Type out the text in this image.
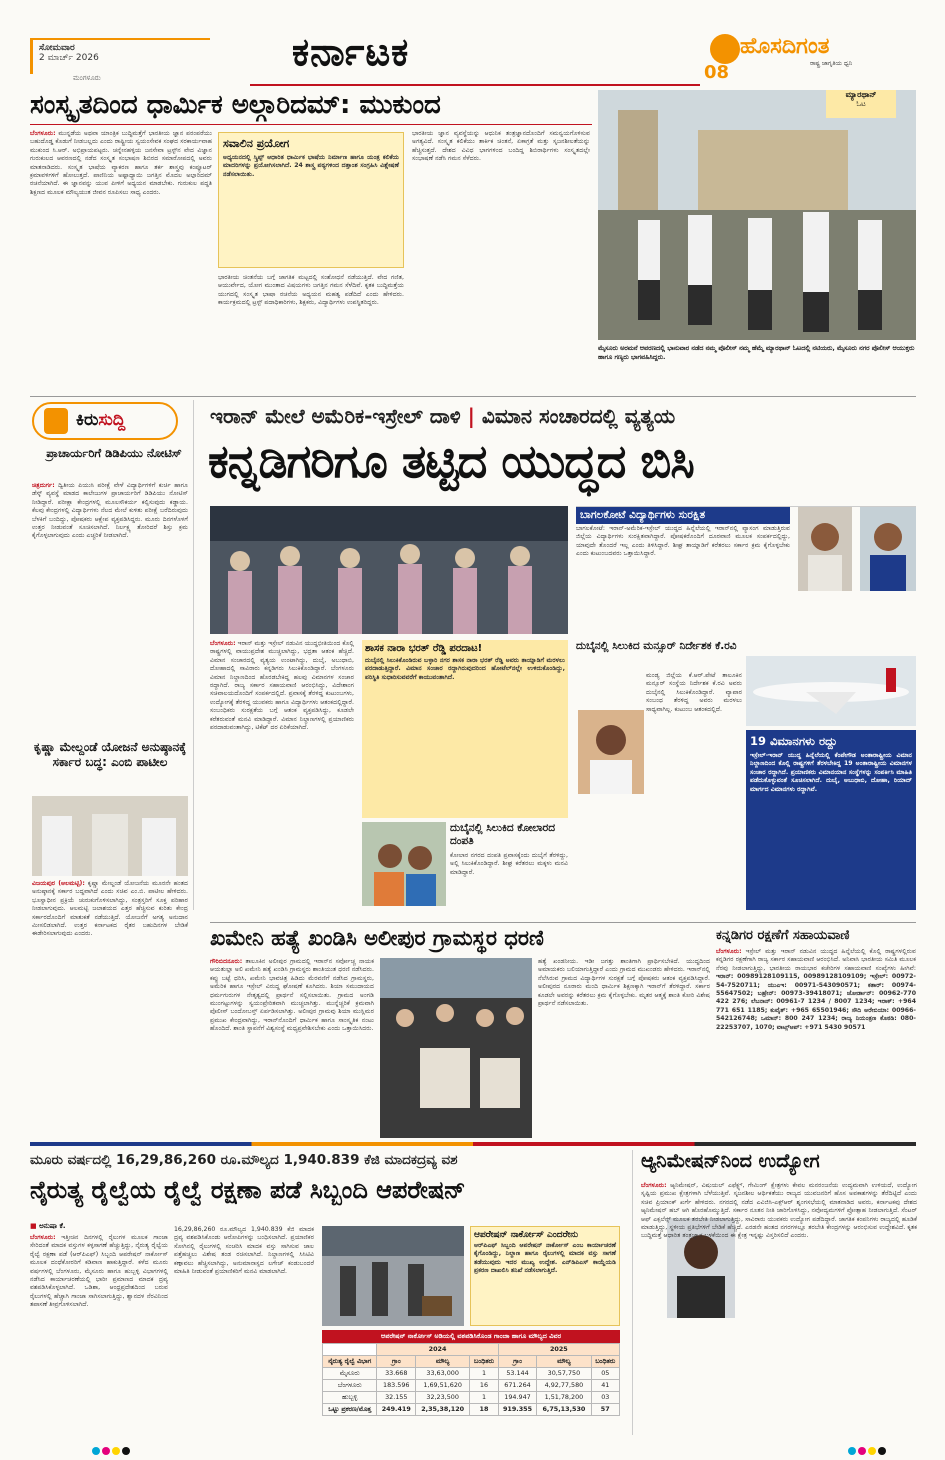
ಸೋಮವಾರ
2 ಮಾರ್ಚ್ 2026
ಮಂಗಳೂರು
ಕರ್ನಾಟಕ	ಹೊಸದಿಗಂತ
ರಾಷ್ಟ್ರ ಜಾಗೃತಿಯ ಧ್ವನಿ
08
ಸಂಸ್ಕೃತದಿಂದ ಧಾರ್ಮಿಕ ಅಲ್ಗಾರಿದಮ್: ಮುಕುಂದ
ಬೆಂಗಳೂರು: ಮುನ್ನಡೆಯ ಅಥವಾ ಯಾಂತ್ರಿಕ ಬುದ್ಧಿಮತ್ತೆಗೆ ಭಾರತೀಯ ಜ್ಞಾನ ಪರಂಪರೆಯು ಬಹುದೊಡ್ಡ ಕೊಡುಗೆ ನೀಡಬಲ್ಲದು ಎಂದು ರಾಷ್ಟ್ರೀಯ ಸ್ವಯಂಸೇವಕ ಸಂಘದ ಸರಕಾರ್ಯವಾಹ ಮುಕುಂದ ಸಿ.ಆರ್. ಅಭಿಪ್ರಾಯಪಟ್ಟರು. ಚನ್ನೇನಹಳ್ಳಿಯ ಜನಸೇವಾ ಟ್ರಸ್ಟ್‌ನ ವೇದ ವಿಜ್ಞಾನ ಗುರುಕುಲದ ಆವರಣದಲ್ಲಿ ನಡೆದ ಸಂಸ್ಕೃತ ಸಂಭಾಷಣ ಶಿಬಿರದ ಸಮಾರೋಪದಲ್ಲಿ ಅವರು ಮಾತನಾಡಿದರು. ಸಂಸ್ಕೃತ ಭಾಷೆಯ ವ್ಯಾಕರಣ ಹಾಗೂ ತರ್ಕ ಶಾಸ್ತ್ರವು ಕಂಪ್ಯೂಟರ್ ಕ್ರಮಾವಳಿಗಳಿಗೆ ಹೋಲುತ್ತದೆ. ಪಾಣಿನಿಯ ಅಷ್ಟಾಧ್ಯಾಯಿ ಜಗತ್ತಿನ ಮೊದಲ ಅಲ್ಗಾರಿದಮ್ ರಚನೆಯಾಗಿದೆ. ಈ ಜ್ಞಾನವನ್ನು ಯುವ ಪೀಳಿಗೆ ಅಧ್ಯಯನ ಮಾಡಬೇಕು. ಗುರುಕುಲ ಪದ್ಧತಿ ಶಿಕ್ಷಣದ ಮೂಲಕ ಮೌಲ್ಯಯುತ ಜೀವನ ರೂಪಿಸಲು ಸಾಧ್ಯ ಎಂದರು.
ಸವಾಲಿನ ಪ್ರಯೋಗ
ಅಧ್ಯಯನದಲ್ಲಿ ಸ್ಕ್ರಿಪ್ಟ್ ಆಧಾರಿತ ಧಾರ್ಮಿಕ ಭಾಷೆಯ ನಿರ್ಮಾಣ ಹಾಗೂ ಯಂತ್ರ ಕಲಿಕೆಯ ಮಾದರಿಗಳನ್ನು ಪ್ರಯೋಗಿಸಲಾಗಿದೆ. 24 ಶಾಸ್ತ್ರ ಪಠ್ಯಗಳಿಂದ ದತ್ತಾಂಶ ಸಂಗ್ರಹಿಸಿ ವಿಶ್ಲೇಷಣೆ ನಡೆಸಲಾಯಿತು.
ಭಾರತೀಯ ಚಿಂತನೆಯ ಬಗ್ಗೆ ಜಾಗತಿಕ ಮಟ್ಟದಲ್ಲಿ ಸಂಶೋಧನೆ ನಡೆಯುತ್ತಿದೆ. ವೇದ ಗಣಿತ, ಆಯುರ್ವೇದ, ಯೋಗ ಮುಂತಾದ ವಿಷಯಗಳು ಜಗತ್ತಿನ ಗಮನ ಸೆಳೆದಿವೆ. ಕೃತಕ ಬುದ್ಧಿಮತ್ತೆಯ ಯುಗದಲ್ಲಿ ಸಂಸ್ಕೃತ ಭಾಷಾ ರಚನೆಯ ಅಧ್ಯಯನ ಮಹತ್ವ ಪಡೆದಿದೆ ಎಂದು ಹೇಳಿದರು. ಕಾರ್ಯಕ್ರಮದಲ್ಲಿ ಟ್ರಸ್ಟ್ ಪದಾಧಿಕಾರಿಗಳು, ಶಿಕ್ಷಕರು, ವಿದ್ಯಾರ್ಥಿಗಳು ಉಪಸ್ಥಿತರಿದ್ದರು.
ಭಾರತೀಯ ಜ್ಞಾನ ವ್ಯವಸ್ಥೆಯನ್ನು ಆಧುನಿಕ ತಂತ್ರಜ್ಞಾನದೊಂದಿಗೆ ಸಮನ್ವಯಗೊಳಿಸುವ ಅಗತ್ಯವಿದೆ. ಸಂಸ್ಕೃತ ಕಲಿಕೆಯು ತಾರ್ಕಿಕ ಚಿಂತನೆ, ಏಕಾಗ್ರತೆ ಮತ್ತು ಸೃಜನಶೀಲತೆಯನ್ನು ಹೆಚ್ಚಿಸುತ್ತದೆ. ದೇಶದ ವಿವಿಧ ಭಾಗಗಳಿಂದ ಬಂದಿದ್ದ ಶಿಬಿರಾರ್ಥಿಗಳು ಸಂಸ್ಕೃತದಲ್ಲೇ ಸಂಭಾಷಣೆ ನಡೆಸಿ ಗಮನ ಸೆಳೆದರು.
ಮ್ಯಾರಥಾನ್
ಓಟ
ಮೈಸೂರು ಅರಮನೆ ಆವರಣದಲ್ಲಿ ಭಾನುವಾರ ನಡೆದ ನಮ್ಮ ಪೊಲೀಸ್ ನಮ್ಮ ಹೆಮ್ಮೆ ಮ್ಯಾರಥಾನ್ ಓಟದಲ್ಲಿ ನಟಿಯರು, ಮೈಸೂರು ನಗರ ಪೊಲೀಸ್ ಆಯುಕ್ತರು ಹಾಗೂ ಗಣ್ಯರು ಭಾಗವಹಿಸಿದ್ದರು.
ಕಿರುಸುದ್ದಿ
ಪ್ರಾಚಾರ್ಯರಿಗೆ ಡಿಡಿಪಿಯು ನೋಟಿಸ್
ಚಿತ್ರದುರ್ಗ: ದ್ವಿತೀಯ ಪಿಯುಸಿ ಪರೀಕ್ಷೆ ವೇಳೆ ವಿದ್ಯಾರ್ಥಿಗಳಿಗೆ ಕುರ್ಚಿ ಹಾಗೂ ಡೆಸ್ಕ್ ವ್ಯವಸ್ಥೆ ಮಾಡದ ಕಾಲೇಜುಗಳ ಪ್ರಾಚಾರ್ಯರಿಗೆ ಡಿಡಿಪಿಯು ನೋಟಿಸ್ ನೀಡಿದ್ದಾರೆ. ಪರೀಕ್ಷಾ ಕೇಂದ್ರಗಳಲ್ಲಿ ಮೂಲಸೌಕರ್ಯ ಕಲ್ಪಿಸುವುದು ಕಡ್ಡಾಯ. ಕೆಲವು ಕೇಂದ್ರಗಳಲ್ಲಿ ವಿದ್ಯಾರ್ಥಿಗಳು ನೆಲದ ಮೇಲೆ ಕುಳಿತು ಪರೀಕ್ಷೆ ಬರೆದಿರುವುದು ಬೆಳಕಿಗೆ ಬಂದಿದ್ದು, ಪೋಷಕರು ಆಕ್ಷೇಪ ವ್ಯಕ್ತಪಡಿಸಿದ್ದರು. ಮೂರು ದಿನಗಳೊಳಗೆ ಉತ್ತರ ನೀಡುವಂತೆ ಸೂಚಿಸಲಾಗಿದೆ. ನಿರ್ಲಕ್ಷ್ಯ ತೋರಿದರೆ ಶಿಸ್ತು ಕ್ರಮ ಕೈಗೊಳ್ಳಲಾಗುವುದು ಎಂದು ಎಚ್ಚರಿಕೆ ನೀಡಲಾಗಿದೆ.
ಕೃಷ್ಣಾ ಮೇಲ್ದಂಡೆ ಯೋಜನೆ ಅನುಷ್ಠಾನಕ್ಕೆ ಸರ್ಕಾರ ಬದ್ಧ: ಎಂಬಿ ಪಾಟೀಲ
ವಿಜಯಪುರ (ಆಲಮಟ್ಟಿ): ಕೃಷ್ಣಾ ಮೇಲ್ದಂಡೆ ಯೋಜನೆಯ ಮೂರನೇ ಹಂತದ ಅನುಷ್ಠಾನಕ್ಕೆ ಸರ್ಕಾರ ಬದ್ಧವಾಗಿದೆ ಎಂದು ಸಚಿವ ಎಂ.ಬಿ. ಪಾಟೀಲ ಹೇಳಿದರು. ಭೂಸ್ವಾಧೀನ ಪ್ರಕ್ರಿಯೆ ಚುರುಕುಗೊಳಿಸಲಾಗಿದ್ದು, ಸಂತ್ರಸ್ತರಿಗೆ ಸೂಕ್ತ ಪರಿಹಾರ ನೀಡಲಾಗುವುದು. ಆಲಮಟ್ಟಿ ಜಲಾಶಯದ ಎತ್ತರ ಹೆಚ್ಚಿಸುವ ಕುರಿತು ಕೇಂದ್ರ ಸರ್ಕಾರದೊಂದಿಗೆ ಮಾತುಕತೆ ನಡೆಯುತ್ತಿದೆ. ಯೋಜನೆಗೆ ಅಗತ್ಯ ಅನುದಾನ ಮೀಸಲಿಡಲಾಗಿದೆ. ಉತ್ತರ ಕರ್ನಾಟಕದ ರೈತರ ಬಹುದಿನಗಳ ಬೇಡಿಕೆ ಈಡೇರಿಸಲಾಗುವುದು ಎಂದರು.
ಇರಾನ್ ಮೇಲೆ ಅಮೆರಿಕ-ಇಸ್ರೇಲ್ ದಾಳಿ | ವಿಮಾನ ಸಂಚಾರದಲ್ಲಿ ವ್ಯತ್ಯಯ
ಕನ್ನಡಿಗರಿಗೂ ತಟ್ಟಿದ ಯುದ್ಧದ ಬಿಸಿ
ಬಾಗಲಕೋಟೆ ವಿದ್ಯಾರ್ಥಿಗಳು ಸುರಕ್ಷಿತ
ಬಾಗಲಕೋಟೆ: ಇರಾನ್-ಅಮೆರಿಕ-ಇಸ್ರೇಲ್ ಯುದ್ಧದ ಹಿನ್ನೆಲೆಯಲ್ಲಿ ಇರಾನ್‌ನಲ್ಲಿ ವ್ಯಾಸಂಗ ಮಾಡುತ್ತಿರುವ ಜಿಲ್ಲೆಯ ವಿದ್ಯಾರ್ಥಿಗಳು ಸುರಕ್ಷಿತವಾಗಿದ್ದಾರೆ. ಪೋಷಕರೊಂದಿಗೆ ದೂರವಾಣಿ ಮೂಲಕ ಸಂಪರ್ಕದಲ್ಲಿದ್ದು, ಯಾವುದೇ ತೊಂದರೆ ಇಲ್ಲ ಎಂದು ತಿಳಿಸಿದ್ದಾರೆ. ಶೀಘ್ರ ತಾಯ್ನಾಡಿಗೆ ಕರೆತರಲು ಸರ್ಕಾರ ಕ್ರಮ ಕೈಗೊಳ್ಳಬೇಕು ಎಂದು ಕುಟುಂಬದವರು ಒತ್ತಾಯಿಸಿದ್ದಾರೆ.
ಬೆಂಗಳೂರು: ಇರಾನ್ ಮತ್ತು ಇಸ್ರೇಲ್ ನಡುವಿನ ಯುದ್ಧಭೀತಿಯಿಂದ ಕೊಲ್ಲಿ ರಾಷ್ಟ್ರಗಳಲ್ಲಿ ವಾಯುಪ್ರದೇಶ ಮುಚ್ಚಲಾಗಿದ್ದು, ಭದ್ರತಾ ಆತಂಕ ಹೆಚ್ಚಿದೆ. ವಿಮಾನ ಸಂಚಾರದಲ್ಲಿ ವ್ಯತ್ಯಯ ಉಂಟಾಗಿದ್ದು, ದುಬೈ, ಅಬುಧಾಬಿ, ದೋಹಾದಲ್ಲಿ ಸಾವಿರಾರು ಕನ್ನಡಿಗರು ಸಿಲುಕಿಕೊಂಡಿದ್ದಾರೆ. ಬೆಂಗಳೂರು ವಿಮಾನ ನಿಲ್ದಾಣದಿಂದ ಹೊರಡಬೇಕಿದ್ದ ಹಲವು ವಿಮಾನಗಳ ಸಂಚಾರ ರದ್ದಾಗಿದೆ. ರಾಜ್ಯ ಸರ್ಕಾರ ಸಹಾಯವಾಣಿ ಆರಂಭಿಸಿದ್ದು, ವಿದೇಶಾಂಗ ಸಚಿವಾಲಯದೊಂದಿಗೆ ಸಂಪರ್ಕದಲ್ಲಿದೆ. ಪ್ರವಾಸಕ್ಕೆ ತೆರಳಿದ್ದ ಕುಟುಂಬಗಳು, ಉದ್ಯೋಗಕ್ಕೆ ತೆರಳಿದ್ದ ಯುವಕರು ಹಾಗೂ ವಿದ್ಯಾರ್ಥಿಗಳು ಆತಂಕದಲ್ಲಿದ್ದಾರೆ. ಸಂಬಂಧಿಕರು ಸುರಕ್ಷತೆಯ ಬಗ್ಗೆ ಆತಂಕ ವ್ಯಕ್ತಪಡಿಸಿದ್ದು, ಕೂಡಲೇ ಕರೆತರುವಂತೆ ಮನವಿ ಮಾಡಿದ್ದಾರೆ. ವಿಮಾನ ನಿಲ್ದಾಣಗಳಲ್ಲಿ ಪ್ರಯಾಣಿಕರು ಪರದಾಡುವಂತಾಗಿದ್ದು, ಟಿಕೆಟ್ ದರ ಏರಿಕೆಯಾಗಿದೆ.
ಶಾಸಕ ನಾರಾ ಭರತ್ ರೆಡ್ಡಿ ಪರದಾಟ!
ದುಬೈನಲ್ಲಿ ಸಿಲುಕಿಕೊಂಡಿರುವ ಬಳ್ಳಾರಿ ನಗರ ಶಾಸಕ ನಾರಾ ಭರತ್ ರೆಡ್ಡಿ ಅವರು ತಾಯ್ನಾಡಿಗೆ ಮರಳಲು ಪರದಾಡುತ್ತಿದ್ದಾರೆ. ವಿಮಾನ ಸಂಚಾರ ರದ್ದಾಗಿರುವುದರಿಂದ ಹೋಟೆಲ್‌ನಲ್ಲೇ ಉಳಿದುಕೊಂಡಿದ್ದು, ಪರಿಸ್ಥಿತಿ ಸುಧಾರಿಸುವವರೆಗೆ ಕಾಯುವಂತಾಗಿದೆ.
ದುಬೈನಲ್ಲಿ ಸಿಲುಕಿದ ಕೋಲಾರದ ದಂಪತಿ
ಕೋಲಾರ ನಗರದ ದಂಪತಿ ಪ್ರವಾಸಕ್ಕೆಂದು ದುಬೈಗೆ ತೆರಳಿದ್ದು, ಅಲ್ಲಿ ಸಿಲುಕಿಕೊಂಡಿದ್ದಾರೆ. ಶೀಘ್ರ ಕರೆತರಲು ಮಕ್ಕಳು ಮನವಿ ಮಾಡಿದ್ದಾರೆ.
ದುಬೈನಲ್ಲಿ ಸಿಲುಕಿದ ಮನ್ಸೂರ್ ನಿರ್ದೇಶಕ ಕೆ.ರವಿ
ಮಂಡ್ಯ ಜಿಲ್ಲೆಯ ಕೆ.ಆರ್.ಪೇಟೆ ತಾಲೂಕಿನ ಮನ್ಸೂರ್ ಸಂಸ್ಥೆಯ ನಿರ್ದೇಶಕ ಕೆ.ರವಿ ಅವರು ದುಬೈನಲ್ಲಿ ಸಿಲುಕಿಕೊಂಡಿದ್ದಾರೆ. ವ್ಯಾಪಾರ ಸಂಬಂಧ ತೆರಳಿದ್ದ ಅವರು ಮರಳಲು ಸಾಧ್ಯವಾಗಿಲ್ಲ. ಕುಟುಂಬ ಆತಂಕದಲ್ಲಿದೆ.
19 ವಿಮಾನಗಳು ರದ್ದು
ಇಸ್ರೇಲ್-ಇರಾನ್ ಯುದ್ಧ ಹಿನ್ನೆಲೆಯಲ್ಲಿ ಕೆಂಪೇಗೌಡ ಅಂತಾರಾಷ್ಟ್ರೀಯ ವಿಮಾನ ನಿಲ್ದಾಣದಿಂದ ಕೊಲ್ಲಿ ರಾಷ್ಟ್ರಗಳಿಗೆ ತೆರಳಬೇಕಿದ್ದ 19 ಅಂತಾರಾಷ್ಟ್ರೀಯ ವಿಮಾನಗಳ ಸಂಚಾರ ರದ್ದಾಗಿದೆ. ಪ್ರಯಾಣಿಕರು ವಿಮಾನಯಾನ ಸಂಸ್ಥೆಗಳನ್ನು ಸಂಪರ್ಕಿಸಿ ಮಾಹಿತಿ ಪಡೆದುಕೊಳ್ಳುವಂತೆ ಸೂಚಿಸಲಾಗಿದೆ. ದುಬೈ, ಅಬುಧಾಬಿ, ದೋಹಾ, ರಿಯಾದ್ ಮಾರ್ಗದ ವಿಮಾನಗಳು ರದ್ದಾಗಿವೆ.
ಖಮೇನಿ ಹತ್ಯೆ ಖಂಡಿಸಿ ಅಲೀಪುರ ಗ್ರಾಮಸ್ಥರ ಧರಣಿ
ಗೌರಿಬಿದನೂರು: ತಾಲೂಕಿನ ಅಲೀಪುರ ಗ್ರಾಮದಲ್ಲಿ ಇರಾನ್‌ನ ಸರ್ವೋಚ್ಚ ನಾಯಕ ಆಯತುಲ್ಲಾ ಅಲಿ ಖಮೇನಿ ಹತ್ಯೆ ಖಂಡಿಸಿ ಗ್ರಾಮಸ್ಥರು ಶಾಂತಿಯುತ ಧರಣಿ ನಡೆಸಿದರು. ಕಪ್ಪು ಬಟ್ಟೆ ಧರಿಸಿ, ಖಮೇನಿ ಭಾವಚಿತ್ರ ಹಿಡಿದು ಮೆರವಣಿಗೆ ನಡೆಸಿದ ಗ್ರಾಮಸ್ಥರು, ಅಮೆರಿಕ ಹಾಗೂ ಇಸ್ರೇಲ್ ವಿರುದ್ಧ ಘೋಷಣೆ ಕೂಗಿದರು. ಶಿಯಾ ಸಮುದಾಯದ ಧರ್ಮಗುರುಗಳ ನೇತೃತ್ವದಲ್ಲಿ ಪ್ರಾರ್ಥನೆ ಸಲ್ಲಿಸಲಾಯಿತು. ಗ್ರಾಮದ ಅಂಗಡಿ ಮುಂಗಟ್ಟುಗಳನ್ನು ಸ್ವಯಂಪ್ರೇರಿತವಾಗಿ ಮುಚ್ಚಲಾಗಿತ್ತು. ಮುನ್ನೆಚ್ಚರಿಕೆ ಕ್ರಮವಾಗಿ ಪೊಲೀಸ್ ಬಂದೋಬಸ್ತ್ ಏರ್ಪಡಿಸಲಾಗಿತ್ತು. ಅಲೀಪುರ ಗ್ರಾಮವು ಶಿಯಾ ಮುಸ್ಲಿಮರ ಪ್ರಮುಖ ಕೇಂದ್ರವಾಗಿದ್ದು, ಇರಾನ್‌ನೊಂದಿಗೆ ಧಾರ್ಮಿಕ ಹಾಗೂ ಸಾಂಸ್ಕೃತಿಕ ನಂಟು ಹೊಂದಿದೆ. ಶಾಂತಿ ಸ್ಥಾಪನೆಗೆ ವಿಶ್ವಸಂಸ್ಥೆ ಮಧ್ಯಪ್ರವೇಶಿಸಬೇಕು ಎಂದು ಒತ್ತಾಯಿಸಿದರು.
ಹತ್ಯೆ ಖಂಡನೀಯ. ಇಡೀ ಜಗತ್ತು ಶಾಂತಿಗಾಗಿ ಪ್ರಾರ್ಥಿಸಬೇಕಿದೆ. ಯುದ್ಧದಿಂದ ಅಮಾಯಕರು ಬಲಿಯಾಗುತ್ತಿದ್ದಾರೆ ಎಂದು ಗ್ರಾಮದ ಮುಖಂಡರು ಹೇಳಿದರು. ಇರಾನ್‌ನಲ್ಲಿ ನೆಲೆಸಿರುವ ಗ್ರಾಮದ ವಿದ್ಯಾರ್ಥಿಗಳ ಸುರಕ್ಷತೆ ಬಗ್ಗೆ ಪೋಷಕರು ಆತಂಕ ವ್ಯಕ್ತಪಡಿಸಿದ್ದಾರೆ. ಅಲೀಪುರದ ನೂರಾರು ಮಂದಿ ಧಾರ್ಮಿಕ ಶಿಕ್ಷಣಕ್ಕಾಗಿ ಇರಾನ್‌ಗೆ ತೆರಳಿದ್ದಾರೆ. ಸರ್ಕಾರ ಕೂಡಲೇ ಅವರನ್ನು ಕರೆತರಲು ಕ್ರಮ ಕೈಗೊಳ್ಳಬೇಕು. ಮೃತರ ಆತ್ಮಕ್ಕೆ ಶಾಂತಿ ಕೋರಿ ವಿಶೇಷ ಪ್ರಾರ್ಥನೆ ನಡೆಸಲಾಯಿತು.
ಕನ್ನಡಿಗರ ರಕ್ಷಣೆಗೆ ಸಹಾಯವಾಣಿ
ಬೆಂಗಳೂರು: ಇಸ್ರೇಲ್ ಮತ್ತು ಇರಾನ್ ನಡುವಿನ ಯುದ್ಧದ ಹಿನ್ನೆಲೆಯಲ್ಲಿ ಕೊಲ್ಲಿ ರಾಷ್ಟ್ರಗಳಲ್ಲಿರುವ ಕನ್ನಡಿಗರ ರಕ್ಷಣೆಗಾಗಿ ರಾಜ್ಯ ಸರ್ಕಾರ ಸಹಾಯವಾಣಿ ಆರಂಭಿಸಿದೆ. ಅನಿವಾಸಿ ಭಾರತೀಯ ಸಮಿತಿ ಮೂಲಕ ನೆರವು ನೀಡಲಾಗುತ್ತಿದ್ದು, ಭಾರತೀಯ ರಾಯಭಾರ ಕಚೇರಿಗಳ ಸಹಾಯವಾಣಿ ಸಂಖ್ಯೆಗಳು ಹೀಗಿವೆ: ಇರಾನ್: 00989128109115, 00989128109109; ಇಸ್ರೇಲ್: 00972-54-7520711; ಯುಎಇ: 00971-543090571; ಕತಾರ್: 00974-55647502; ಬಹ್ರೇನ್: 00973-39418071; ಜೋರ್ಡಾನ್: 00962-770 422 276; ಲೆಬನಾನ್: 00961-7 1234 / 8007 1234; ಇರಾಕ್: +964 771 651 1185; ಕುವೈತ್: +965 65501946; ಸೌದಿ ಅರೇಬಿಯಾ: 00966-542126748; ಒಮಾನ್: 800 247 1234; ರಾಜ್ಯ ನಿಯಂತ್ರಣ ಕೊಠಡಿ: 080-22253707, 1070; ವಾಟ್ಸ್‌ಆಪ್: +971 5430 90571
ಮೂರು ವರ್ಷದಲ್ಲಿ 16,29,86,260 ರೂ.ಮೌಲ್ಯದ 1,940.839 ಕೆಜಿ ಮಾದಕದ್ರವ್ಯ ವಶ
ನೈರುತ್ಯ ರೈಲ್ವೆಯ ರೈಲ್ವೆ ರಕ್ಷಣಾ ಪಡೆ ಸಿಬ್ಬಂದಿ ಆಪರೇಷನ್
■ ಅನುಷಾ ಕೆ.
ಬೆಂಗಳೂರು: ಇತ್ತೀಚಿನ ದಿನಗಳಲ್ಲಿ ರೈಲುಗಳ ಮೂಲಕ ಗಾಂಜಾ ಸೇರಿದಂತೆ ಮಾದಕ ವಸ್ತುಗಳ ಕಳ್ಳಸಾಗಣೆ ಹೆಚ್ಚುತ್ತಿದ್ದು, ನೈರುತ್ಯ ರೈಲ್ವೆಯ ರೈಲ್ವೆ ರಕ್ಷಣಾ ಪಡೆ (ಆರ್‌ಪಿಎಫ್) ಸಿಬ್ಬಂದಿ ಆಪರೇಷನ್ ನಾರ್ಕೋಸ್ ಮೂಲಕ ದಂಧೆಕೋರರಿಗೆ ಕಡಿವಾಣ ಹಾಕುತ್ತಿದ್ದಾರೆ. ಕಳೆದ ಮೂರು ವರ್ಷಗಳಲ್ಲಿ ಬೆಂಗಳೂರು, ಮೈಸೂರು ಹಾಗೂ ಹುಬ್ಬಳ್ಳಿ ವಿಭಾಗಗಳಲ್ಲಿ ನಡೆಸಿದ ಕಾರ್ಯಾಚರಣೆಯಲ್ಲಿ ಭಾರೀ ಪ್ರಮಾಣದ ಮಾದಕ ದ್ರವ್ಯ ವಶಪಡಿಸಿಕೊಳ್ಳಲಾಗಿದೆ. ಒಡಿಶಾ, ಆಂಧ್ರಪ್ರದೇಶದಿಂದ ಬರುವ ರೈಲುಗಳಲ್ಲಿ ಹೆಚ್ಚಾಗಿ ಗಾಂಜಾ ಸಾಗಿಸಲಾಗುತ್ತಿದ್ದು, ಶ್ವಾನದಳ ನೆರವಿನಿಂದ ತಪಾಸಣೆ ತೀವ್ರಗೊಳಿಸಲಾಗಿದೆ.
16,29,86,260 ರೂ.ಮೌಲ್ಯದ 1,940.839 ಕೆಜಿ ಮಾದಕ ದ್ರವ್ಯ ವಶಪಡಿಸಿಕೊಂಡು ಆರೋಪಿಗಳನ್ನು ಬಂಧಿಸಲಾಗಿದೆ. ಪ್ರಯಾಣಿಕರ ಸೋಗಿನಲ್ಲಿ ರೈಲುಗಳಲ್ಲಿ ಸಂಚರಿಸಿ ಮಾದಕ ವಸ್ತು ಸಾಗಿಸುವ ಜಾಲ ಪತ್ತೆಹಚ್ಚಲು ವಿಶೇಷ ತಂಡ ರಚಿಸಲಾಗಿದೆ. ನಿಲ್ದಾಣಗಳಲ್ಲಿ ಸಿಸಿಟಿವಿ ಕಣ್ಗಾವಲು ಹೆಚ್ಚಿಸಲಾಗಿದ್ದು, ಅನುಮಾನಾಸ್ಪದ ಲಗೇಜ್ ಕಂಡುಬಂದರೆ ಮಾಹಿತಿ ನೀಡುವಂತೆ ಪ್ರಯಾಣಿಕರಿಗೆ ಮನವಿ ಮಾಡಲಾಗಿದೆ.
ಆಪರೇಷನ್ ನಾರ್ಕೋಸ್ ಎಂದರೇನು
ಆರ್‌ಪಿಎಫ್ ಸಿಬ್ಬಂದಿ ಆಪರೇಷನ್ ನಾರ್ಕೋಸ್ ಎಂಬ ಕಾರ್ಯಾಚರಣೆ ಕೈಗೊಂಡಿದ್ದು, ನಿಲ್ದಾಣ ಹಾಗೂ ರೈಲುಗಳಲ್ಲಿ ಮಾದಕ ವಸ್ತು ಸಾಗಣೆ ತಡೆಯುವುದು ಇದರ ಮುಖ್ಯ ಉದ್ದೇಶ. ಎನ್‌ಡಿಪಿಎಸ್ ಕಾಯ್ದೆಯಡಿ ಪ್ರಕರಣ ದಾಖಲಿಸಿ ತನಿಖೆ ನಡೆಸಲಾಗುತ್ತಿದೆ.
ಆಪರೇಷನ್ ನಾರ್ಕೋಸ್ ಅಡಿಯಲ್ಲಿ ವಶಪಡಿಸಿಕೊಂಡ ಗಾಂಜಾ ಹಾಗೂ ಮೌಲ್ಯದ ವಿವರ
	2024			2025		
ನೈರುತ್ಯ ರೈಲ್ವೆ ವಿಭಾಗ	ಗ್ರಾಂ	ಮೌಲ್ಯ	ಬಂಧಿತರು	ಗ್ರಾಂ	ಮೌಲ್ಯ	ಬಂಧಿತರು
ಮೈಸೂರು	33.668	33,63,000	1	53.144	30,57,750	05
ಬೆಂಗಳೂರು	183.596	1,69,51,620	16	671.264	4,92,77,580	41
ಹುಬ್ಬಳ್ಳಿ	32.155	32,23,500	1	194.947	1,51,78,200	03
ಒಟ್ಟು ಪ್ರಕರಣ/ಮೊತ್ತ	249.419	2,35,38,120	18	919.355	6,75,13,530	57
ಆ್ಯನಿಮೇಷನ್‌ನಿಂದ ಉದ್ಯೋಗ
ಬೆಂಗಳೂರು: ಆ್ಯನಿಮೇಷನ್, ವಿಷುಯಲ್ ಎಫೆಕ್ಟ್ಸ್, ಗೇಮಿಂಗ್ ಕ್ಷೇತ್ರಗಳು ಕೇವಲ ಮನರಂಜನೆಯ ಉದ್ಯಮವಾಗಿ ಉಳಿಯದೆ, ಉದ್ಯೋಗ ಸೃಷ್ಟಿಯ ಪ್ರಮುಖ ಕ್ಷೇತ್ರಗಳಾಗಿ ಬೆಳೆಯುತ್ತಿವೆ. ಸೃಜನಶೀಲ ಆರ್ಥಿಕತೆಯು ರಾಜ್ಯದ ಯುವಜನರಿಗೆ ಹೊಸ ಅವಕಾಶಗಳನ್ನು ತೆರೆದಿಟ್ಟಿದೆ ಎಂದು ಸಚಿವ ಪ್ರಿಯಾಂಕ್ ಖರ್ಗೆ ಹೇಳಿದರು. ನಗರದಲ್ಲಿ ನಡೆದ ಎವಿಜಿಸಿ-ಎಕ್ಸ್‌ಆರ್ ಶೃಂಗಸಭೆಯಲ್ಲಿ ಮಾತನಾಡಿದ ಅವರು, ಕರ್ನಾಟಕವು ದೇಶದ ಆ್ಯನಿಮೇಷನ್ ಹಬ್ ಆಗಿ ಹೊರಹೊಮ್ಮುತ್ತಿದೆ. ಸರ್ಕಾರ ನೂತನ ನೀತಿ ಜಾರಿಗೊಳಿಸಿದ್ದು, ನವೋದ್ಯಮಗಳಿಗೆ ಪ್ರೋತ್ಸಾಹ ನೀಡಲಾಗುತ್ತಿದೆ. ಸೆಂಟರ್ ಆಫ್ ಎಕ್ಸಲೆನ್ಸ್ ಮೂಲಕ ತರಬೇತಿ ನೀಡಲಾಗುತ್ತಿದ್ದು, ಸಾವಿರಾರು ಯುವಕರು ಉದ್ಯೋಗ ಪಡೆದಿದ್ದಾರೆ. ಜಾಗತಿಕ ಕಂಪನಿಗಳು ರಾಜ್ಯದಲ್ಲಿ ಹೂಡಿಕೆ ಮಾಡುತ್ತಿದ್ದು, ಸ್ಥಳೀಯ ಪ್ರತಿಭೆಗಳಿಗೆ ಬೇಡಿಕೆ ಹೆಚ್ಚಿದೆ. ಎರಡನೇ ಹಂತದ ನಗರಗಳಲ್ಲೂ ತರಬೇತಿ ಕೇಂದ್ರಗಳನ್ನು ಆರಂಭಿಸುವ ಉದ್ದೇಶವಿದೆ. ಕೃತಕ ಬುದ್ಧಿಮತ್ತೆ ಆಧಾರಿತ ತಂತ್ರಜ್ಞಾನ ಬಳಕೆಯಿಂದ ಈ ಕ್ಷೇತ್ರ ಇನ್ನಷ್ಟು ವಿಸ್ತರಿಸಲಿದೆ ಎಂದರು.
